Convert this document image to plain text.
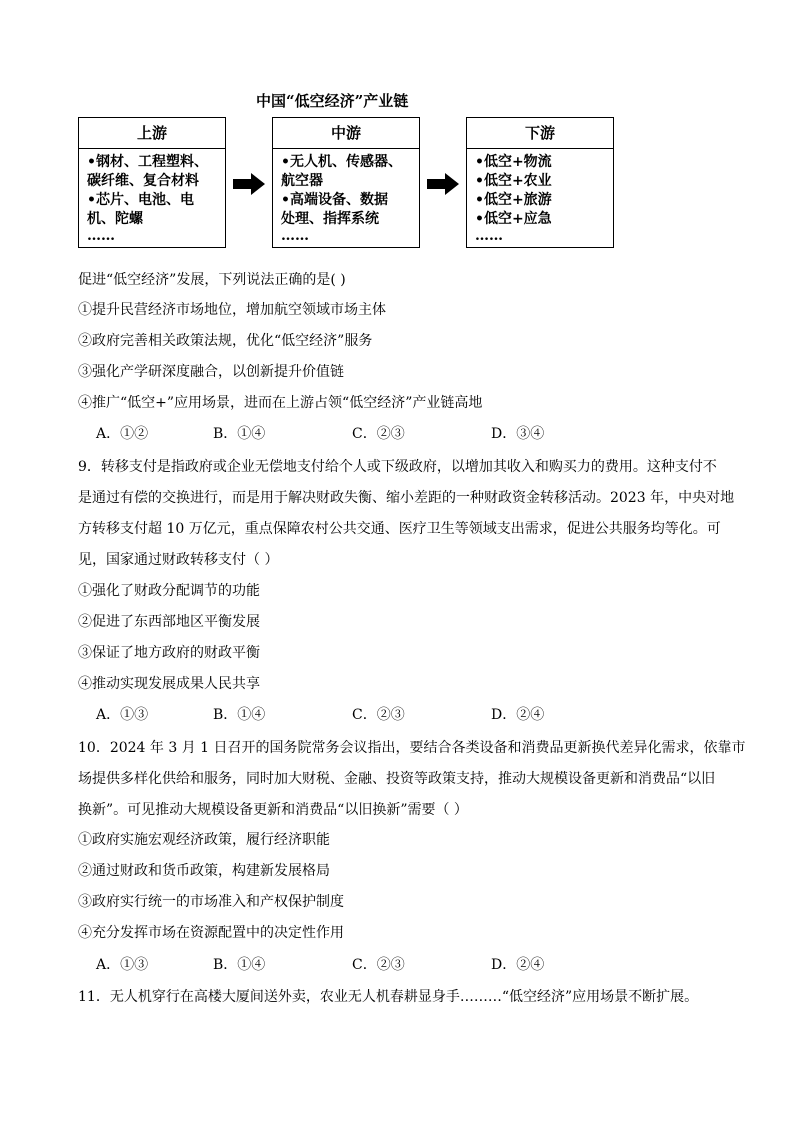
中国“低空经济”产业链
上游
•钢材、工程塑料、
碳纤维、复合材料
•芯片、电池、电
机、陀螺
……
中游
•无人机、传感器、
航空器
•高端设备、数据
处理、指挥系统
……
下游
•低空+物流
•低空+农业
•低空+旅游
•低空+应急
……
促进“低空经济”发展，下列说法正确的是( )
①提升民营经济市场地位，增加航空领域市场主体
②政府完善相关政策法规，优化“低空经济”服务
③强化产学研深度融合，以创新提升价值链
④推广“低空+”应用场景，进而在上游占领“低空经济”产业链高地
A．①②	B．①④	C．②③	D．③④
9．转移支付是指政府或企业无偿地支付给个人或下级政府，以增加其收入和购买力的费用。这种支付不
是通过有偿的交换进行，而是用于解决财政失衡、缩小差距的一种财政资金转移活动。2023 年，中央对地
方转移支付超 10 万亿元，重点保障农村公共交通、医疗卫生等领域支出需求，促进公共服务均等化。可
见，国家通过财政转移支付（ ）
①强化了财政分配调节的功能
②促进了东西部地区平衡发展
③保证了地方政府的财政平衡
④推动实现发展成果人民共享
A．①③	B．①④	C．②③	D．②④
10．2024 年 3 月 1 日召开的国务院常务会议指出，要结合各类设备和消费品更新换代差异化需求，依靠市
场提供多样化供给和服务，同时加大财税、金融、投资等政策支持，推动大规模设备更新和消费品“以旧
换新”。可见推动大规模设备更新和消费品“以旧换新”需要（ ）
①政府实施宏观经济政策，履行经济职能
②通过财政和货币政策，构建新发展格局
③政府实行统一的市场准入和产权保护制度
④充分发挥市场在资源配置中的决定性作用
A．①③	B．①④	C．②③	D．②④
11．无人机穿行在高楼大厦间送外卖，农业无人机春耕显身手………“低空经济”应用场景不断扩展。
